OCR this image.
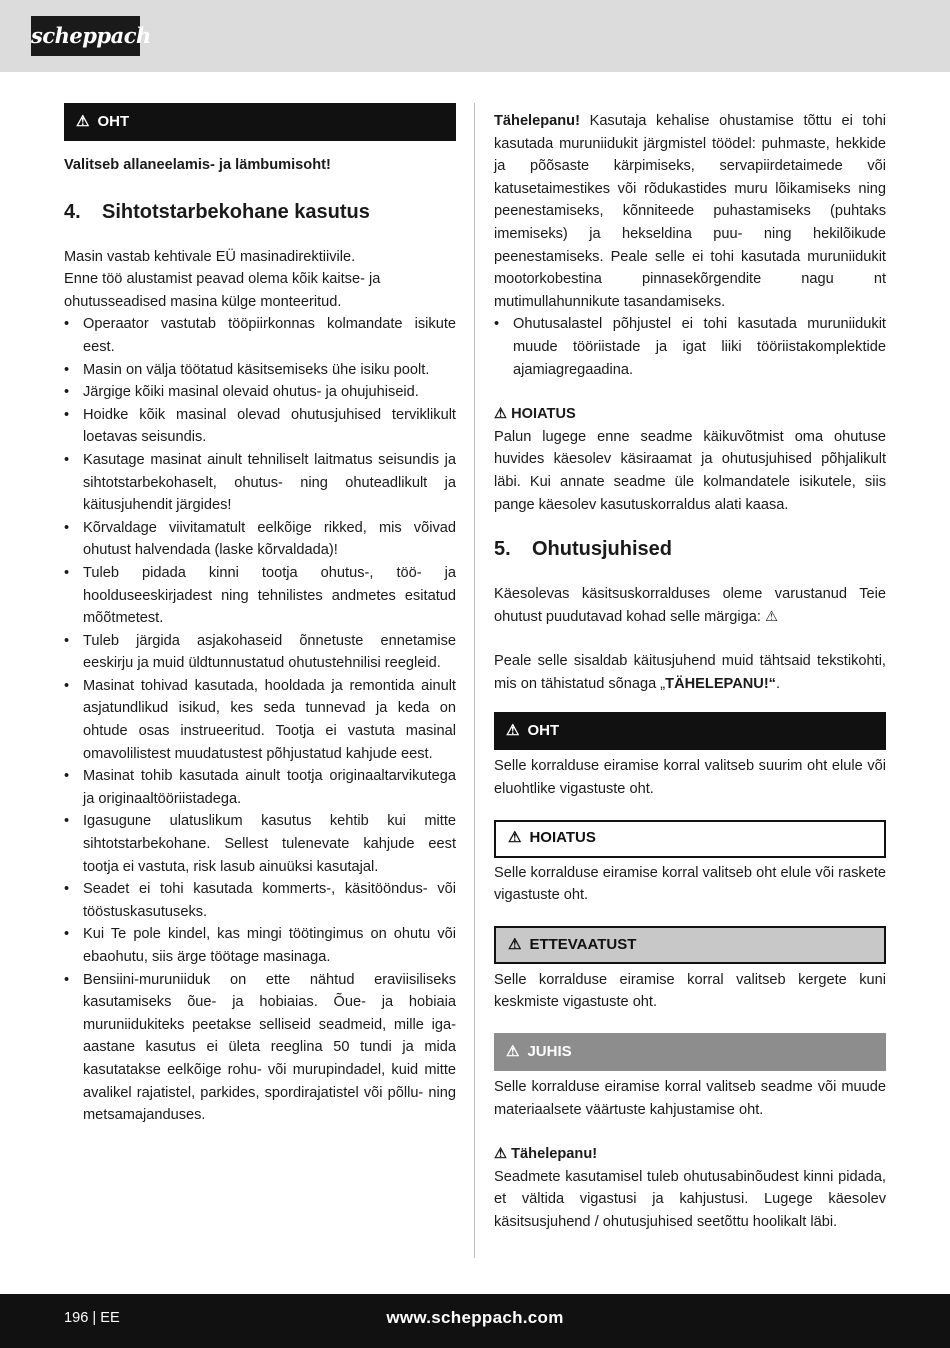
scheppach
⚠ OHT

Valitseb allaneelamis- ja lämbumisoht!

4. Sihtotstarbekohane kasutus

Masin vastab kehtivale EÜ masinadirektiivile.

Enne töö alustamist peavad olema kõik kaitse- ja ohutusseadised masina külge monteeritud.

• Operaator vastutab tööpiirkonnas kolmandate isikute eest.
• Masin on välja töötatud käsitsemiseks ühe isiku poolt.
• Järgige kõiki masinal olevaid ohutus- ja ohujuhiseid.
• Hoidke kõik masinal olevad ohutusjuhised terviklikult loetavas seisundis.
• Kasutage masinat ainult tehniliselt laitmatus seisundis ja sihtotstarbekohaselt, ohutus- ning ohuteadlikult ja käitusjuhendit järgides!
• Kõrvaldage viivitamatult eelkõige rikked, mis võivad ohutust halvendada (laske kõrvaldada)!
• Tuleb pidada kinni tootja ohutus-, töö- ja hoolduseeskirjadest ning tehnilistes andmetes esitatud mõõtmetest.
• Tuleb järgida asjakohaseid õnnetuste ennetamise eeskirju ja muid üldtunnustatud ohutustehnilisi reegleid.
• Masinat tohivad kasutada, hooldada ja remontida ainult asjatundlikud isikud, kes seda tunnevad ja keda on ohtude osas instrueeritud. Tootja ei vastuta masinal omavolilistest muudatustest põhjustatud kahjude eest.
• Masinat tohib kasutada ainult tootja originaaltarvikutega ja originaaltööriistadega.
• Igasugune ulatuslikum kasutus kehtib kui mitte sihtotstarbekohane. Sellest tulenevate kahjude eest tootja ei vastuta, risk lasub ainuüksi kasutajal.
• Seadet ei tohi kasutada kommerts-, käsitööndus- või tööstuskasutuseks.
• Kui Te pole kindel, kas mingi töötingimus on ohutu või ebaohutu, siis ärge töötage masinaga.
• Bensiini-muruniiduk on ette nähtud eraviisiliseks kasutamiseks õue- ja hobiaias. Õue- ja hobiaia muruniidukiteks peetakse selliseid seadmeid, mille iga-aastane kasutus ei ületa reeglina 50 tundi ja mida kasutatakse eelkõige rohu- või murupindadel, kuid mitte avalikel rajatistel, parkides, spordirajatistel või põllu- ning metsamajanduses.

Tähelepanu! Kasutaja kehalise ohustamise tõttu ei tohi kasutada muruniidukit järgmistel töödel: puhmaste, hekkide ja põõsaste kärpimiseks, servapiirdetaimede või katusetaimestikes või rõdukastides muru lõikamiseks ning peenestamiseks, kõnniteede puhastamiseks (puhtaks imemiseks) ja hekseldina puu- ning hekilõikude peenestamiseks. Peale selle ei tohi kasutada muruniidukit mootorkobestina pinnasekõrgendite nagu nt mutimullahunnikute tasandamiseks.

• Ohutusalastel põhjustel ei tohi kasutada muruniidukit muude tööriistade ja igat liiki tööriistakomplektide ajamiagregaadina.

⚠ HOIATUS

Palun lugege enne seadme käikuvõtmist oma ohutuse huvides käesolev käsiraamat ja ohutusjuhised põhjalikult läbi. Kui annate seadme üle kolmandatele isikutele, siis pange käesolev kasutuskorraldus alati kaasa.

5. Ohutusjuhised

Käesolevas käsitsuskorralduses oleme varustanud Teie ohutust puudutavad kohad selle märgiga: ⚠

Peale selle sisaldab käitusjuhend muid tähtsaid tekstikohti, mis on tähistatud sõnaga „TÄHELEPANU!“.

⚠ OHT

Selle korralduse eiramise korral valitseb suurim oht elule või eluohtlike vigastuste oht.

⚠ HOIATUS

Selle korralduse eiramise korral valitseb oht elule või raskete vigastuste oht.

⚠ ETTEVAATUST

Selle korralduse eiramise korral valitseb kergete kuni keskmiste vigastuste oht.

⚠ JUHIS

Selle korralduse eiramise korral valitseb seadme või muude materiaalsete väärtuste kahjustamise oht.

⚠ Tähelepanu!

Seadmete kasutamisel tuleb ohutusabinõudest kinni pidada, et vältida vigastusi ja kahjustusi. Lugege käesolev käsitsusjuhend / ohutusjuhised seetõttu hoolikalt läbi.

196 | EE	www.scheppach.com
